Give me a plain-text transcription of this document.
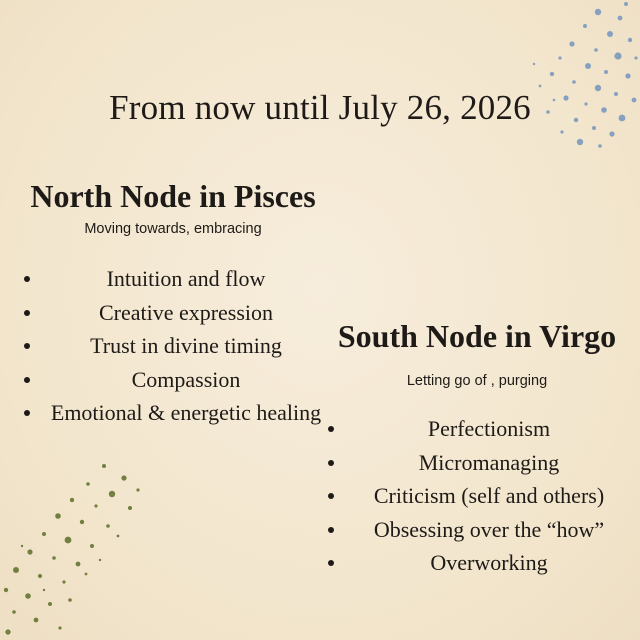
From now until July 26, 2026
North Node in Pisces

Moving towards, embracing

Intuition and flow
Creative expression
Trust in divine timing
Compassion
Emotional & energetic healing
South Node in Virgo

Letting go of , purging

Perfectionism
Micromanaging
Criticism (self and others)
Obsessing over the “how”
Overworking
